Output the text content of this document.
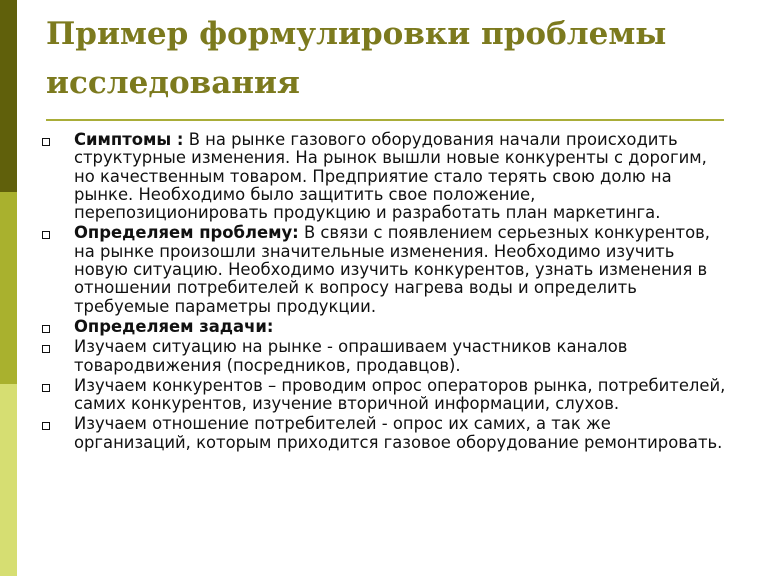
Пример формулировки проблемы исследования
Симптомы : В на рынке газового оборудования начали происходить структурные изменения. На рынок вышли новые конкуренты с дорогим, но качественным товаром. Предприятие стало терять свою долю на рынке. Необходимо было защитить свое положение, перепозиционировать продукцию и разработать план маркетинга.
Определяем проблему: В связи с появлением серьезных конкурентов, на рынке произошли значительные изменения. Необходимо изучить новую ситуацию. Необходимо изучить конкурентов, узнать изменения в отношении потребителей к вопросу нагрева воды и определить требуемые параметры продукции.
Определяем задачи:
Изучаем ситуацию на рынке - опрашиваем участников каналов товародвижения (посредников, продавцов).
Изучаем конкурентов – проводим опрос операторов рынка, потребителей, самих конкурентов, изучение вторичной информации, слухов.
Изучаем отношение потребителей - опрос их самих, а так же организаций, которым приходится газовое оборудование ремонтировать.
